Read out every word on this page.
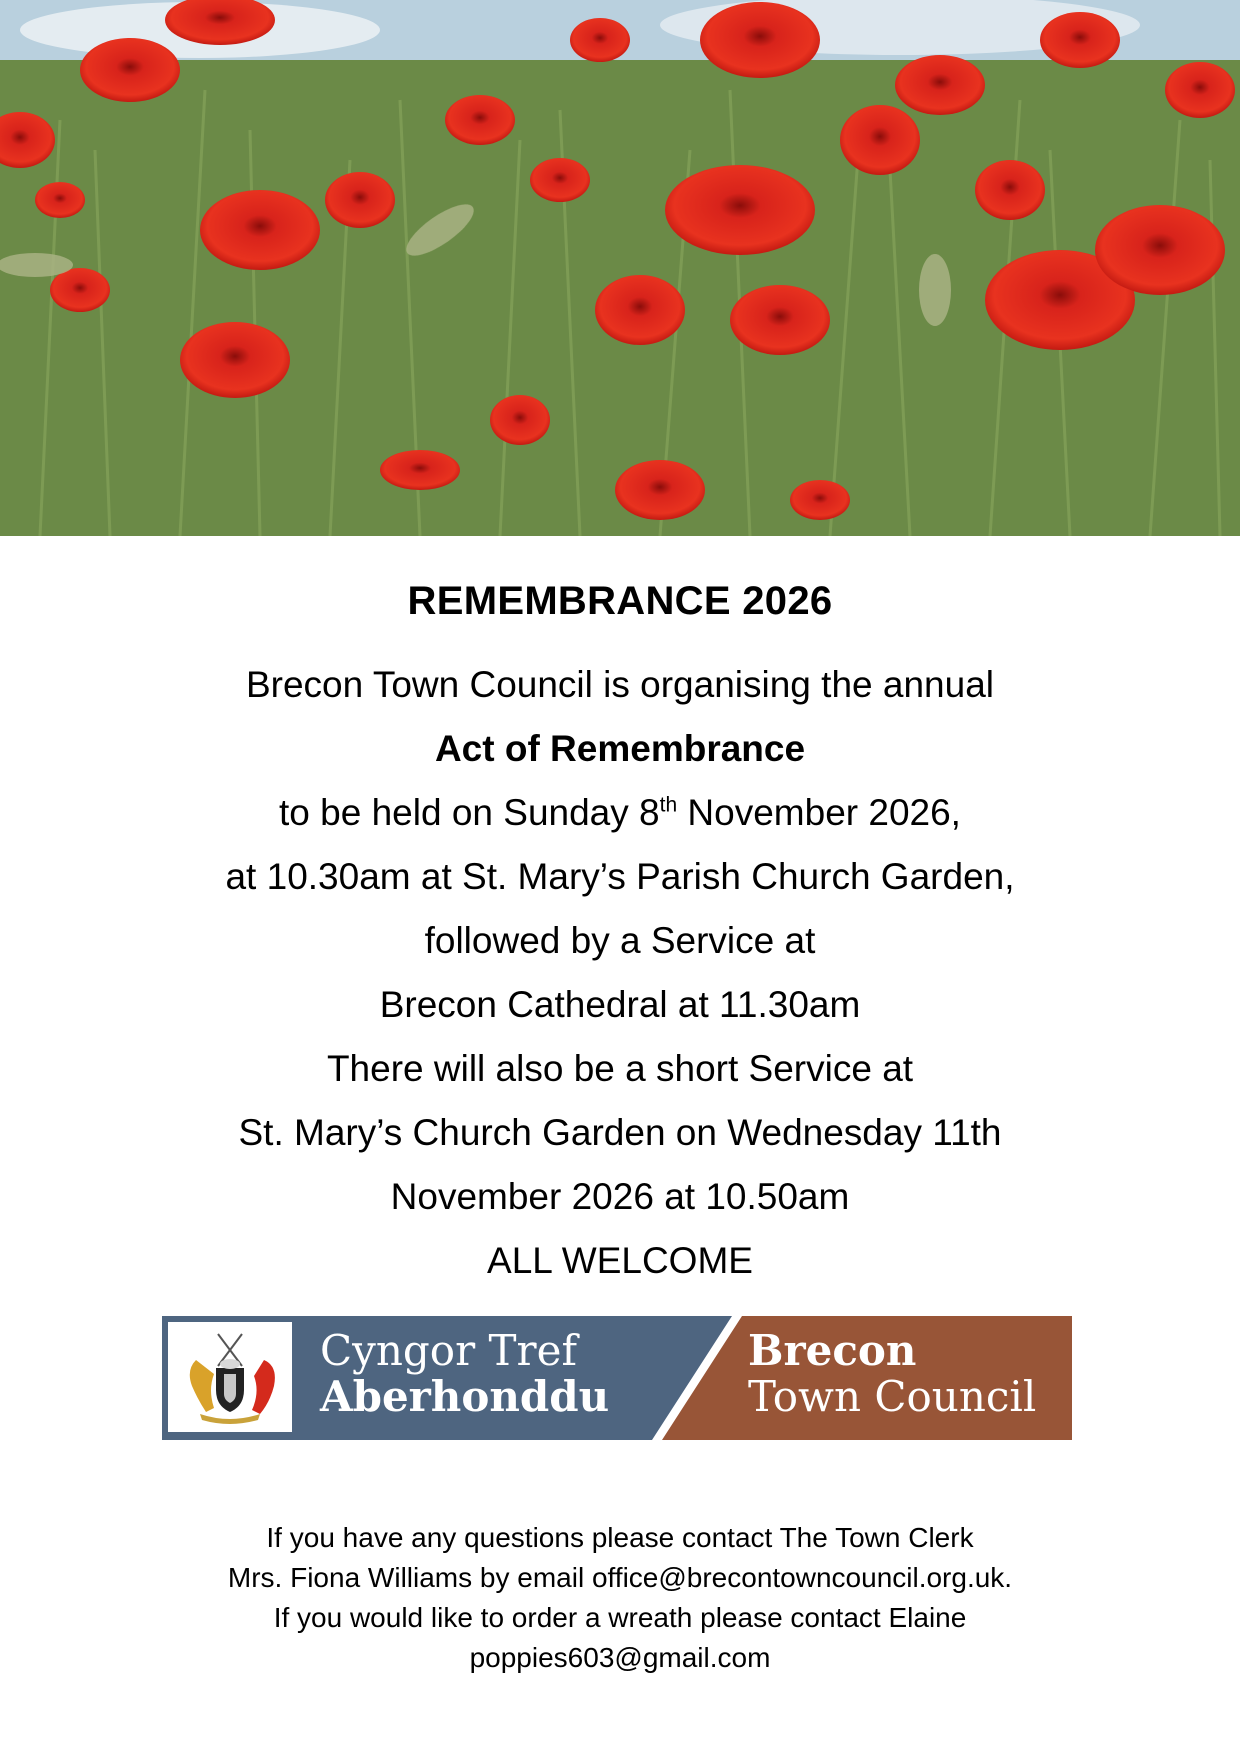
REMEMBRANCE 2026
Brecon Town Council is organising the annual
Act of Remembrance
to be held on Sunday 8th November 2026,
at 10.30am at St. Mary’s Parish Church Garden,
followed by a Service at
Brecon Cathedral at 11.30am
There will also be a short Service at
St. Mary’s Church Garden on Wednesday 11th
November 2026 at 10.50am
ALL WELCOME
Cyngor Tref
Aberhonddu
Brecon
Town Council
If you have any questions please contact The Town Clerk
Mrs. Fiona Williams by email office@brecontowncouncil.org.uk.
If you would like to order a wreath please contact Elaine
poppies603@gmail.com
